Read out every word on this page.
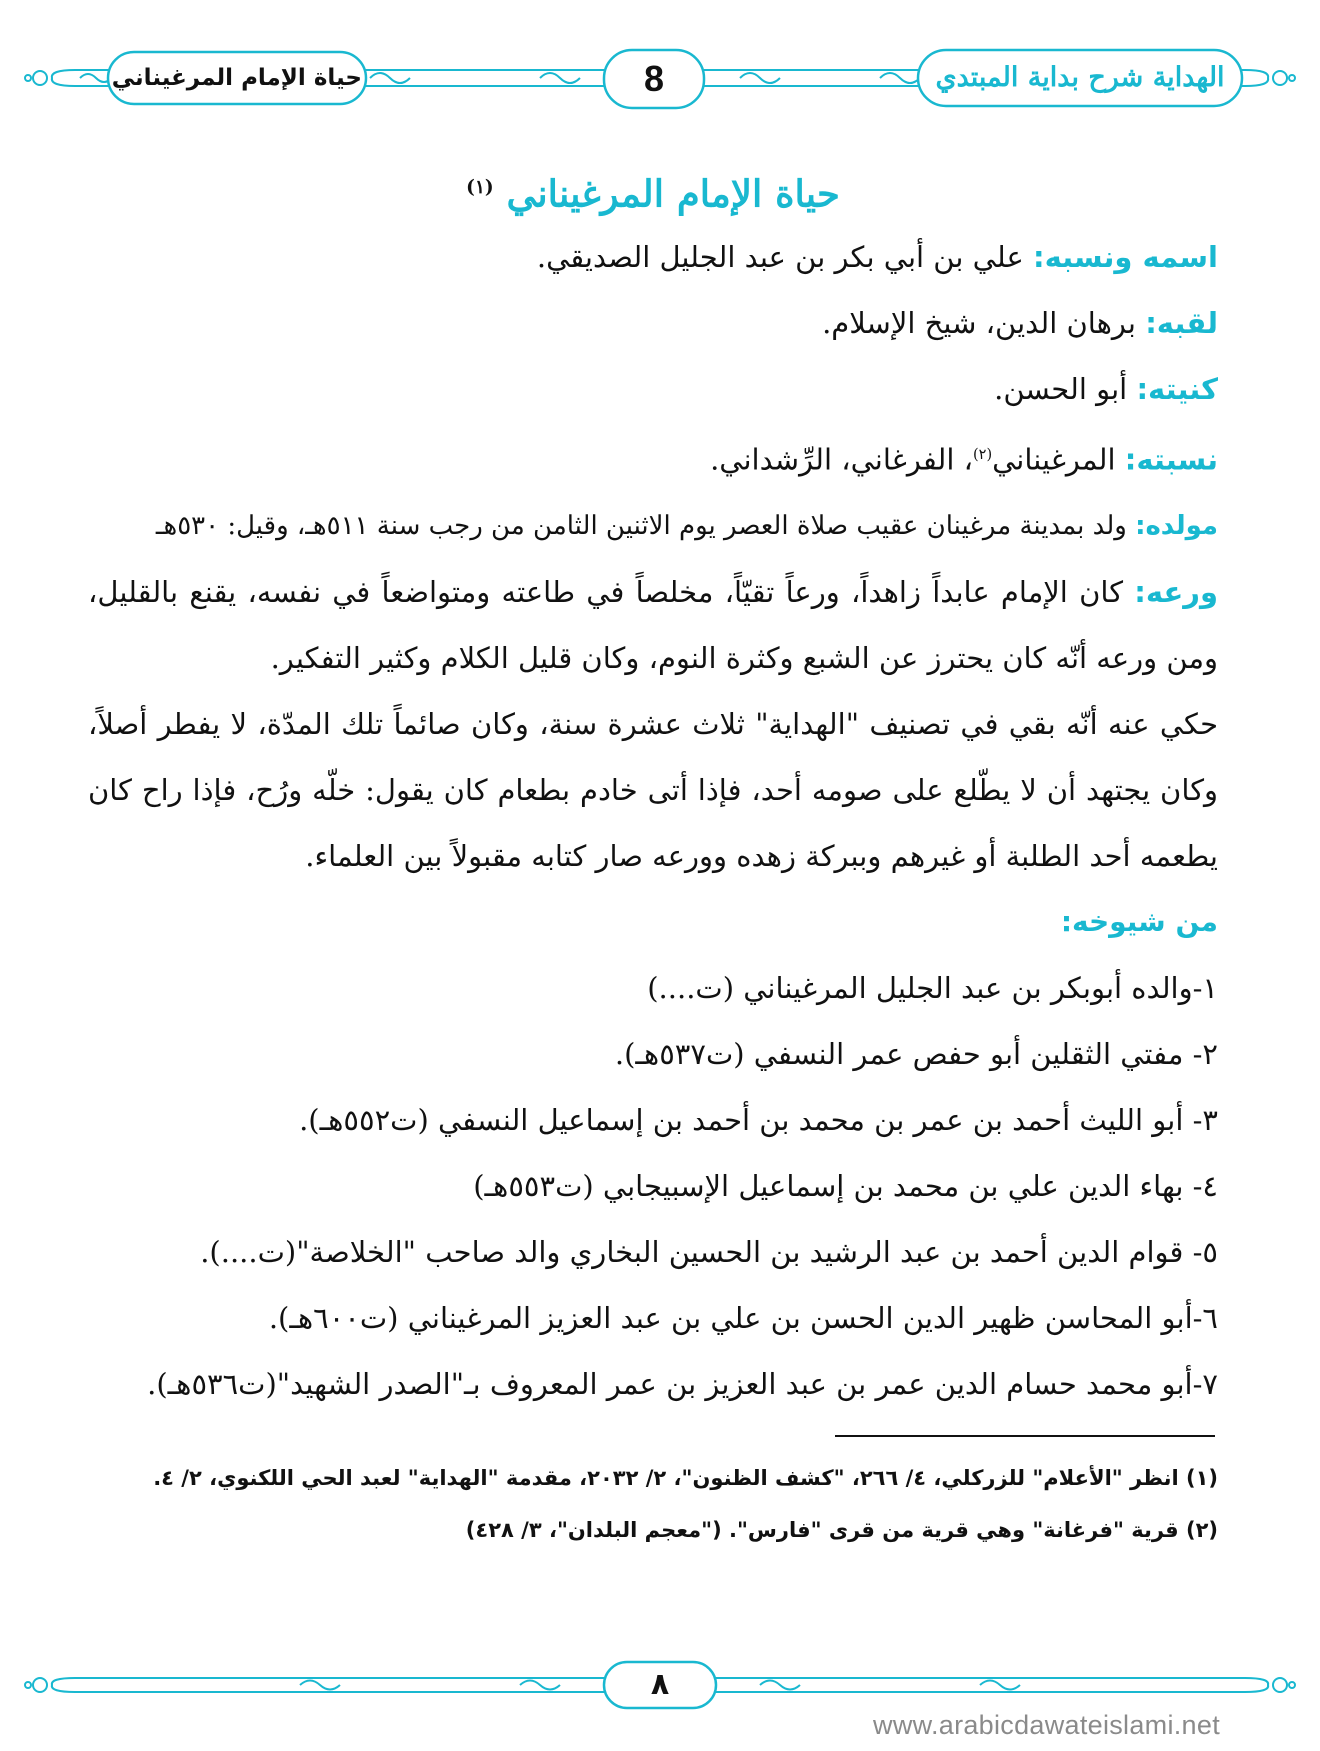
الهداية شرح بداية المبتدي
8
حياة الإمام المرغيناني
حياة الإمام المرغيناني $^{(١)}$

اسمه ونسبه: علي بن أبي بكر بن عبد الجليل الصديقي.

لقبه: برهان الدين، شيخ الإسلام.

كنيته: أبو الحسن.

نسبته: المرغيناني$^{(٢)}$، الفرغاني، الرِّشداني.

مولده: ولد بمدينة مرغينان عقيب صلاة العصر يوم الاثنين الثامن من رجب سنة ٥١١هـ، وقيل: ٥٣٠هـ

ورعه: كان الإمام عابداً زاهداً، ورعاً تقيّاً، مخلصاً في طاعته ومتواضعاً في نفسه، يقنع بالقليل، ومن ورعه أنّه كان يحترز عن الشبع وكثرة النوم، وكان قليل الكلام وكثير التفكير.

حكي عنه أنّه بقي في تصنيف "الهداية" ثلاث عشرة سنة، وكان صائماً تلك المدّة، لا يفطر أصلاً، وكان يجتهد أن لا يطّلع على صومه أحد، فإذا أتى خادم بطعام كان يقول: خلّه ورُح، فإذا راح كان يطعمه أحد الطلبة أو غيرهم وببركة زهده وورعه صار كتابه مقبولاً بين العلماء.

من شيوخه:

١-والده أبوبكر بن عبد الجليل المرغيناني (ت....)

٢- مفتي الثقلين أبو حفص عمر النسفي (ت٥٣٧هـ).

٣- أبو الليث أحمد بن عمر بن محمد بن أحمد بن إسماعيل النسفي (ت٥٥٢هـ).

٤- بهاء الدين علي بن محمد بن إسماعيل الإسبيجابي (ت٥٥٣هـ)

٥- قوام الدين أحمد بن عبد الرشيد بن الحسين البخاري والد صاحب "الخلاصة"(ت....).

٦-أبو المحاسن ظهير الدين الحسن بن علي بن عبد العزيز المرغيناني (ت٦٠٠هـ).

٧-أبو محمد حسام الدين عمر بن عبد العزيز بن عمر المعروف بـ"الصدر الشهيد"(ت٥٣٦هـ).

(١) انظر "الأعلام" للزركلي، ٤/ ٢٦٦، "كشف الظنون"، ٢/ ٢٠٣٢، مقدمة "الهداية" لعبد الحي اللكنوي، ٢/ ٤.

(٢) قرية "فرغانة" وهي قرية من قرى "فارس". ("معجم البلدان"، ٣/ ٤٢٨)

٨
www.arabicdawateislami.net
